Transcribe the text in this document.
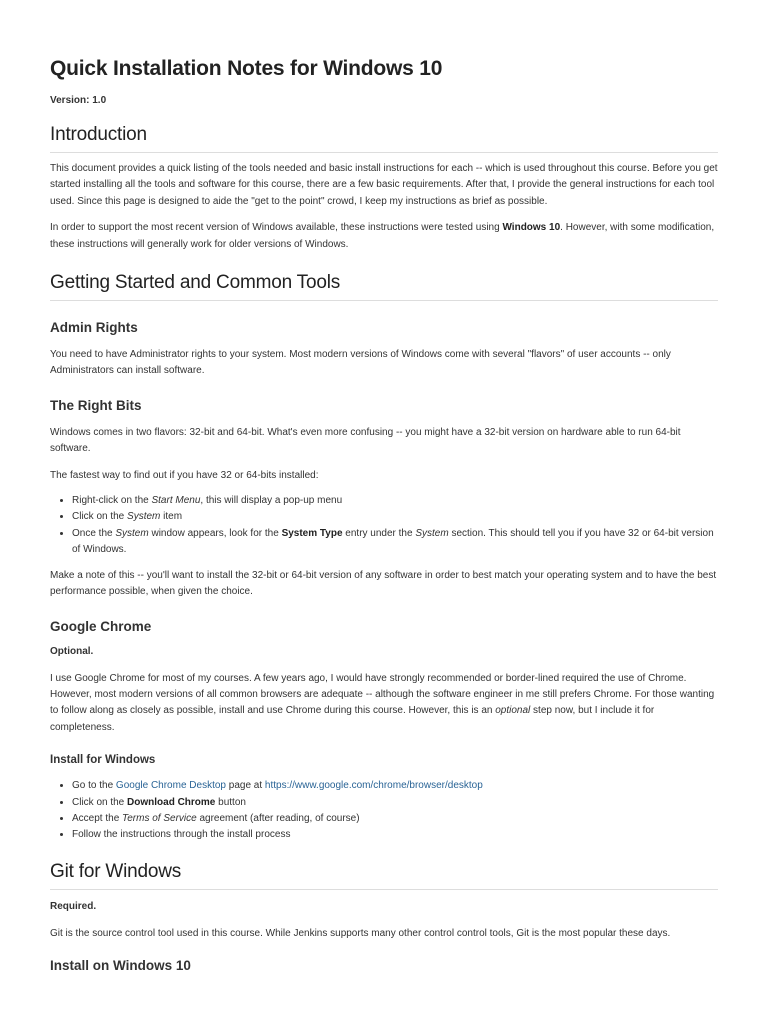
Quick Installation Notes for Windows 10
Version: 1.0
Introduction

This document provides a quick listing of the tools needed and basic install instructions for each -- which is used throughout this course. Before you get started installing all the tools and software for this course, there are a few basic requirements. After that, I provide the general instructions for each tool used. Since this page is designed to aide the "get to the point" crowd, I keep my instructions as brief as possible.

In order to support the most recent version of Windows available, these instructions were tested using Windows 10. However, with some modification, these instructions will generally work for older versions of Windows.

Getting Started and Common Tools
Admin Rights

You need to have Administrator rights to your system. Most modern versions of Windows come with several "flavors" of user accounts -- only Administrators can install software.

The Right Bits

Windows comes in two flavors: 32-bit and 64-bit. What's even more confusing -- you might have a 32-bit version on hardware able to run 64-bit software.

The fastest way to find out if you have 32 or 64-bits installed:

• Right-click on the Start Menu, this will display a pop-up menu
• Click on the System item
• Once the System window appears, look for the System Type entry under the System section. This should tell you if you have 32 or 64-bit version of Windows.

Make a note of this -- you'll want to install the 32-bit or 64-bit version of any software in order to best match your operating system and to have the best performance possible, when given the choice.

Google Chrome
Optional.

I use Google Chrome for most of my courses. A few years ago, I would have strongly recommended or border-lined required the use of Chrome. However, most modern versions of all common browsers are adequate -- although the software engineer in me still prefers Chrome. For those wanting to follow along as closely as possible, install and use Chrome during this course. However, this is an optional step now, but I include it for completeness.

Install for Windows
• Go to the Google Chrome Desktop page at https://www.google.com/chrome/browser/desktop
• Click on the Download Chrome button
• Accept the Terms of Service agreement (after reading, of course)
• Follow the instructions through the install process
Git for Windows
Required.

Git is the source control tool used in this course. While Jenkins supports many other control control tools, Git is the most popular these days.

Install on Windows 10
